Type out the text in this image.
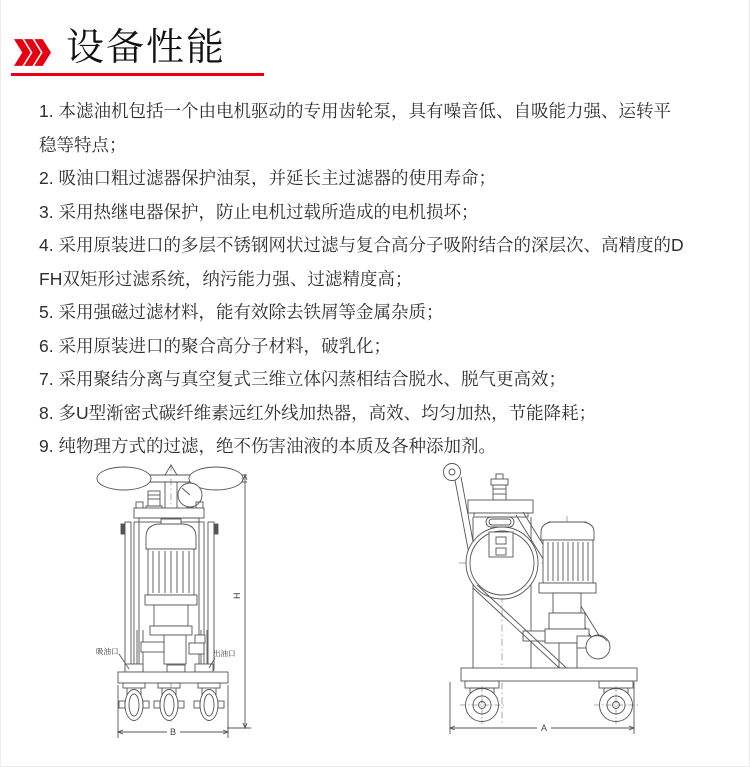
设备性能

1. 本滤油机包括一个由电机驱动的专用齿轮泵，具有噪音低、自吸能力强、运转平稳等特点；

2. 吸油口粗过滤器保护油泵，并延长主过滤器的使用寿命；

3. 采用热继电器保护，防止电机过载所造成的电机损坏；

4. 采用原装进口的多层不锈钢网状过滤与复合高分子吸附结合的深层次、高精度的DFH双矩形过滤系统，纳污能力强、过滤精度高；

5. 采用强磁过滤材料，能有效除去铁屑等金属杂质；

6. 采用原装进口的聚合高分子材料，破乳化；

7. 采用聚结分离与真空复式三维立体闪蒸相结合脱水、脱气更高效；

8. 多U型渐密式碳纤维素远红外线加热器，高效、均匀加热，节能降耗；

9. 纯物理方式的过滤，绝不伤害油液的本质及各种添加剂。

吸油口	出油口
H
B	A
